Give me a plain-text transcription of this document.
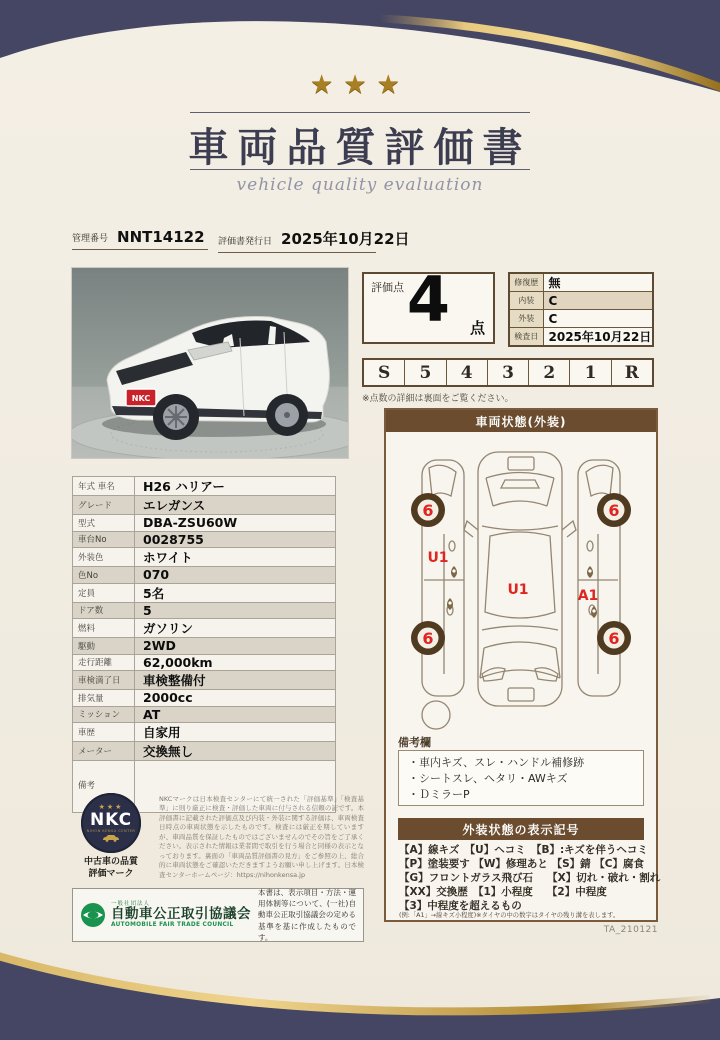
★★★
車両品質評価書
vehicle quality evaluation
管理番号 NNT14122 評価書発行日 2025年10月22日
NKC
評価点 4	点
修復歴	無
内装	C
外装	C
検査日	2025年10月22日
S	5	4	3	2	1	R
※点数の詳細は裏面をご覧ください。
年式 車名	H26 ハリアー
グレード	エレガンス
型式	DBA-ZSU60W
車台No	0028755
外装色	ホワイト
色No	070
定員	5名
ドア数	5
燃料	ガソリン
駆動	2WD
走行距離	62,000km
車検満了日	車検整備付
排気量	2000cc
ミッション	AT
車歴	自家用
メーター	交換無し
備考	
車両状態(外装)
6	6
6	6
U1
U1	A1
備考欄
・車内キズ、スレ・ハンドル補修跡
・シートスレ、ヘタリ・AWキズ
・ＤミラーP
外装状態の表示記号
【A】線キズ　【U】ヘコミ　【B】:キズを伴うヘコミ
【P】塗装要す 【W】修理あと 【S】錆 【C】腐食
【G】フロントガラス飛び石　 【X】切れ・破れ・割れ
【XX】交換歴　【1】小程度　 【2】中程度
【3】中程度を超えるもの
(例:「A1」→線キズ小程度)※タイヤの中の数字はタイヤの残り溝を表します。
TA_210121
★★★
NKC
NIHON KENSA CENTER
中古車の品質
評価マーク
NKCマークは日本検査センターにて統一された「評価基準」「検査基準」に則り厳正に検査・評価した車両に付与される信頼の証です。本評価書に記載された評価点及び内装・外装に関する評価は、車両検査日時点の車両状態を示したものです。検査には厳正を期していますが、車両品質を保証したものではございませんのでその旨をご了承ください。表示された情報は業者間で取引を行う場合と同様の表示となっております。裏面の「車両品質評価書の見方」をご参照の上、総合的に車両状態をご確認いただきますようお願い申し上げます。日本検査センターホームページ：https://nihonkensa.jp
一般社団法人
自動車公正取引協議会
AUTOMOBILE FAIR TRADE COUNCIL
本書は、表示項目・方法・運用体制等について、(一社)自動車公正取引協議会の定める基準を基に作成したものです。
